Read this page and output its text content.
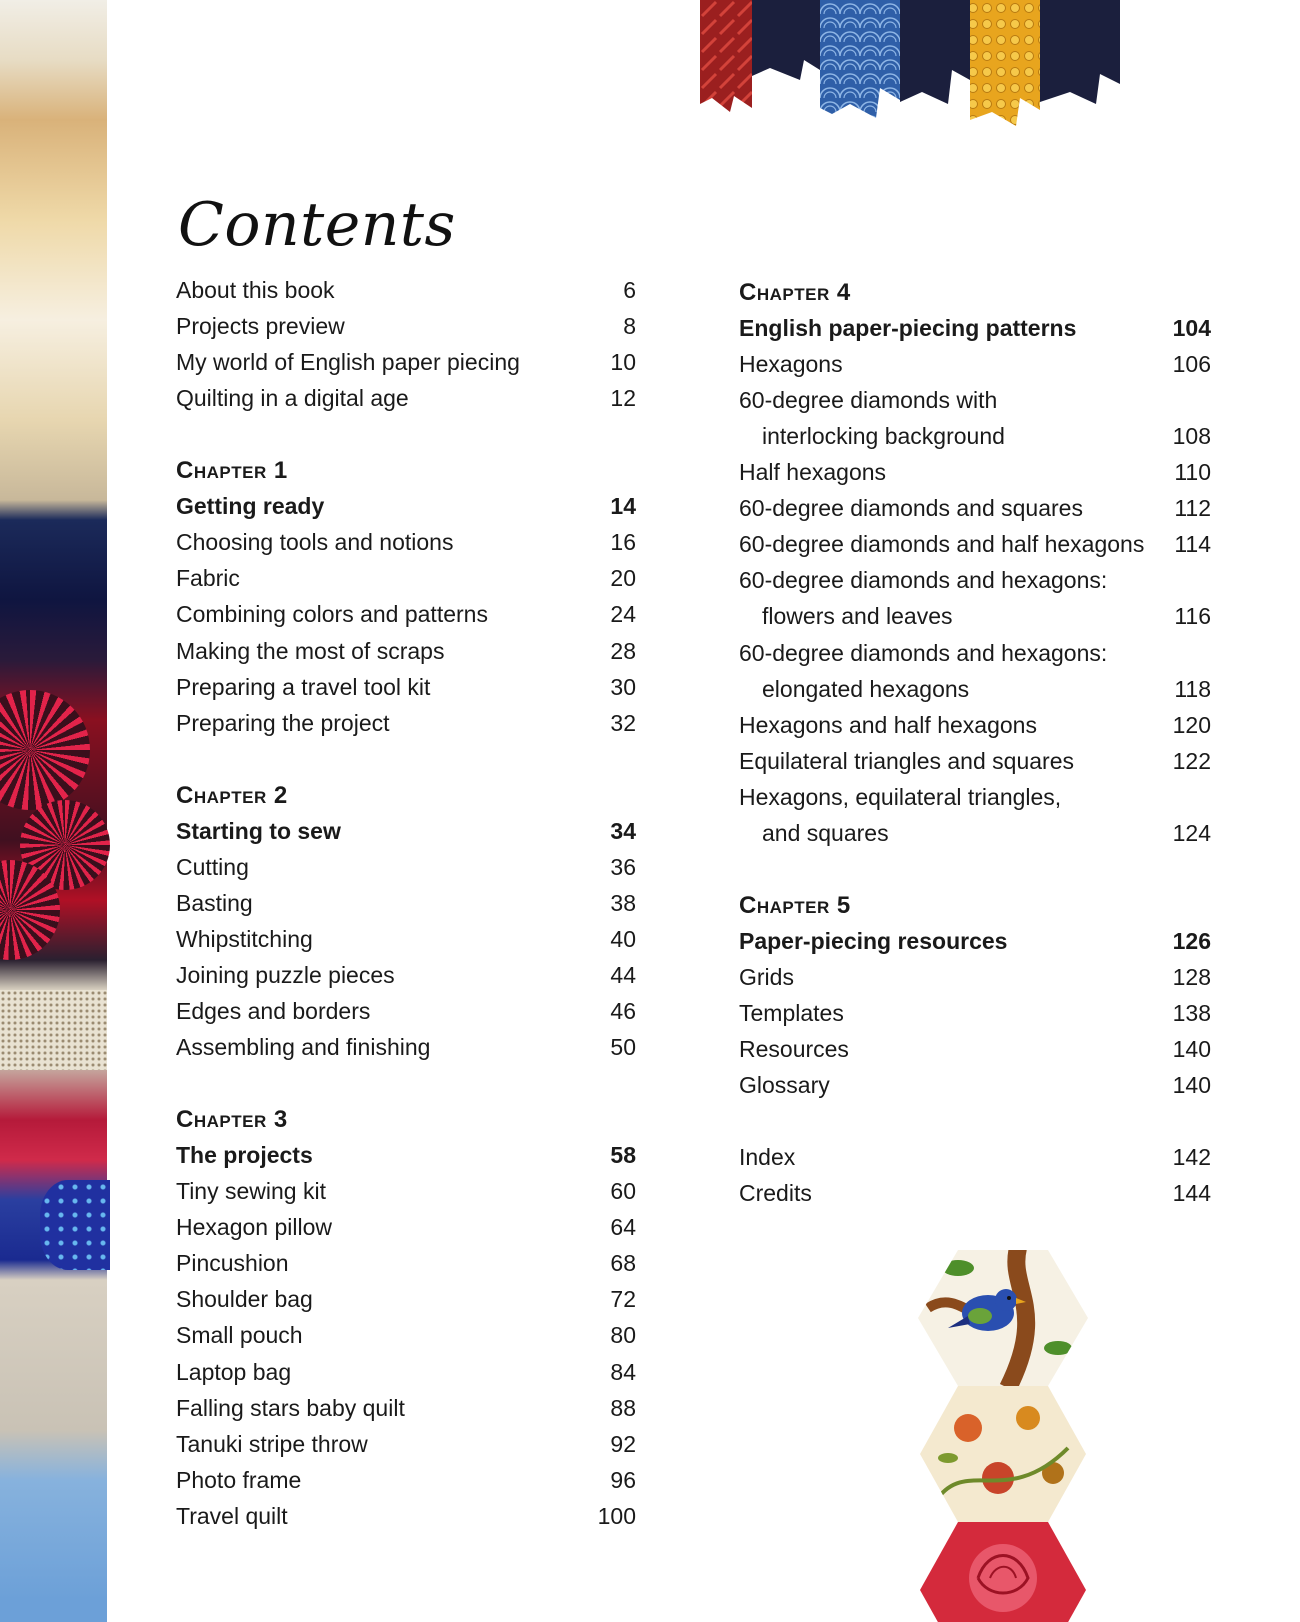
Contents
About this book	6
Projects preview	8
My world of English paper piecing	10
Quilting in a digital age	12
Chapter 1
Getting ready	14
Choosing tools and notions	16
Fabric	20
Combining colors and patterns	24
Making the most of scraps	28
Preparing a travel tool kit	30
Preparing the project	32
Chapter 2
Starting to sew	34
Cutting	36
Basting	38
Whipstitching	40
Joining puzzle pieces	44
Edges and borders	46
Assembling and finishing	50
Chapter 3
The projects	58
Tiny sewing kit	60
Hexagon pillow	64
Pincushion	68
Shoulder bag	72
Small pouch	80
Laptop bag	84
Falling stars baby quilt	88
Tanuki stripe throw	92
Photo frame	96
Travel quilt	100
Chapter 4
English paper-piecing patterns	104
Hexagons	106
60-degree diamonds with
interlocking background	108
Half hexagons	110
60-degree diamonds and squares	112
60-degree diamonds and half hexagons 114
60-degree diamonds and hexagons:
flowers and leaves	116
60-degree diamonds and hexagons:
elongated hexagons	118
Hexagons and half hexagons	120
Equilateral triangles and squares	122
Hexagons, equilateral triangles,
and squares	124
Chapter 5
Paper-piecing resources	126
Grids	128
Templates	138
Resources	140
Glossary	140
Index	142
Credits	144
